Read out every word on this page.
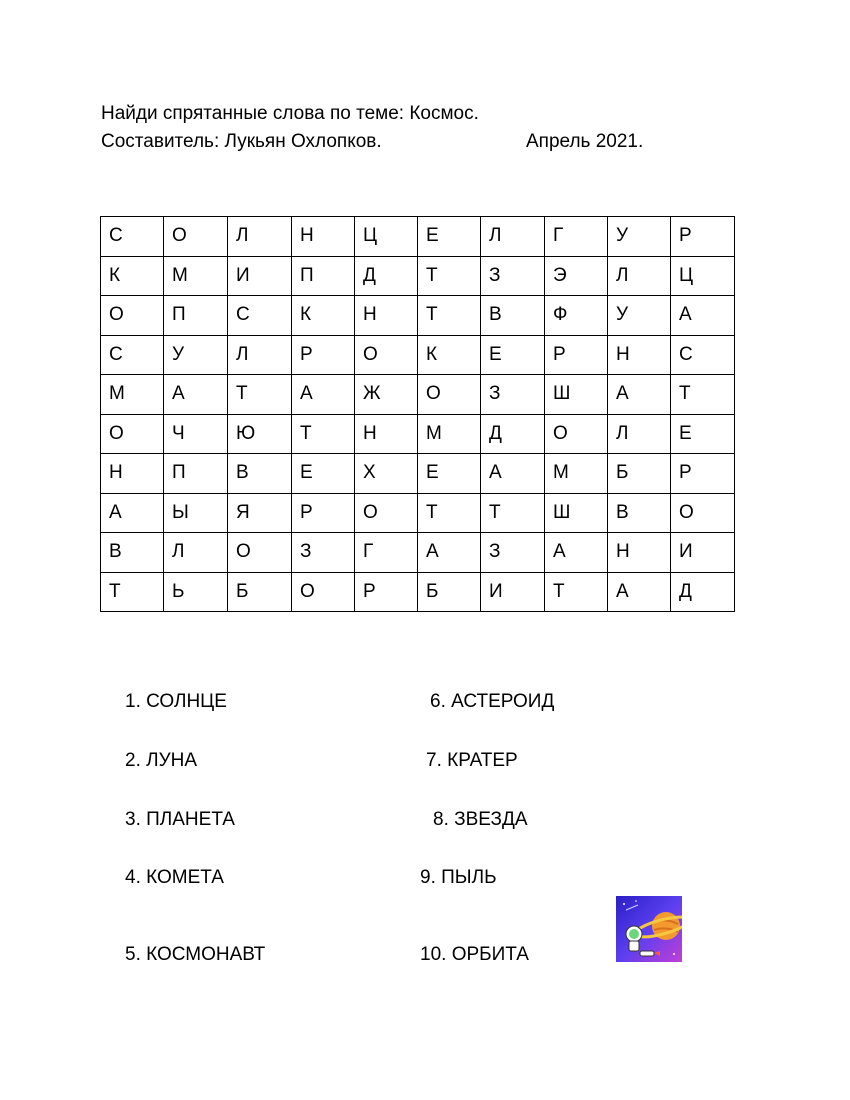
Найди спрятанные слова по теме: Космос.
Составитель: Лукьян Охлопков.	Апрель 2021.
С	О	Л	Н	Ц	Е	Л	Г	У	Р
К	М	И	П	Д	Т	З	Э	Л	Ц
О	П	С	К	Н	Т	В	Ф	У	А
С	У	Л	Р	О	К	Е	Р	Н	С
М	А	Т	А	Ж	О	З	Ш	А	Т
О	Ч	Ю	Т	Н	М	Д	О	Л	Е
Н	П	В	Е	Х	Е	А	М	Б	Р
А	Ы	Я	Р	О	Т	Т	Ш	В	О
В	Л	О	З	Г	А	З	А	Н	И
Т	Ь	Б	О	Р	Б	И	Т	А	Д
1. СОЛНЦЕ
2. ЛУНА
3. ПЛАНЕТА
4. КОМЕТА
5. КОСМОНАВТ
6. АСТЕРОИД
7. КРАТЕР
8. ЗВЕЗДА
9. ПЫЛЬ
10. ОРБИТА
